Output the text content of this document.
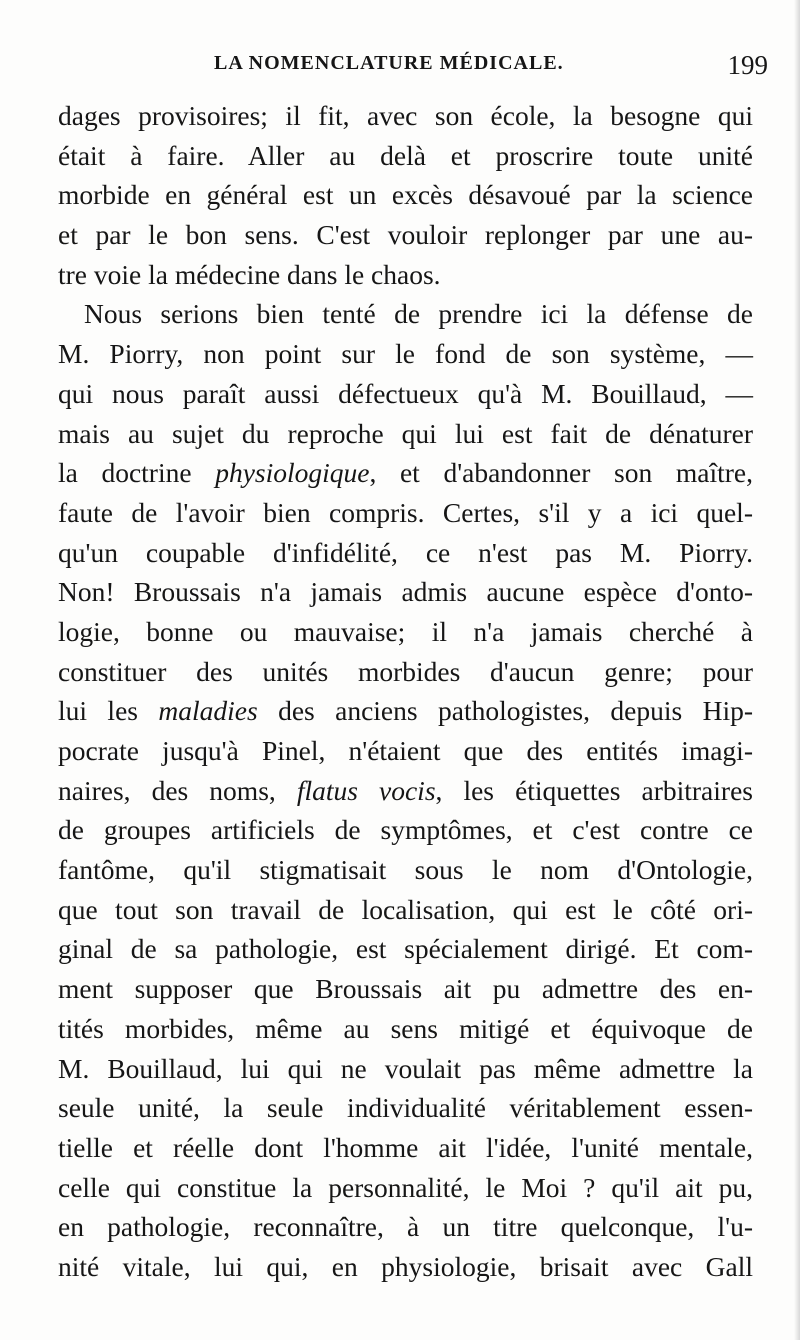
LA NOMENCLATURE MÉDICALE.	199
dages provisoires; il fit, avec son école, la besogne qui
était à faire. Aller au delà et proscrire toute unité
morbide en général est un excès désavoué par la science
et par le bon sens. C'est vouloir replonger par une au-
tre voie la médecine dans le chaos.
Nous serions bien tenté de prendre ici la défense de
M. Piorry, non point sur le fond de son système, —
qui nous paraît aussi défectueux qu'à M. Bouillaud, —
mais au sujet du reproche qui lui est fait de dénaturer
la doctrine physiologique, et d'abandonner son maître,
faute de l'avoir bien compris. Certes, s'il y a ici quel-
qu'un coupable d'infidélité, ce n'est pas M. Piorry.
Non! Broussais n'a jamais admis aucune espèce d'onto-
logie, bonne ou mauvaise; il n'a jamais cherché à
constituer des unités morbides d'aucun genre; pour
lui les maladies des anciens pathologistes, depuis Hip-
pocrate jusqu'à Pinel, n'étaient que des entités imagi-
naires, des noms, flatus vocis, les étiquettes arbitraires
de groupes artificiels de symptômes, et c'est contre ce
fantôme, qu'il stigmatisait sous le nom d'Ontologie,
que tout son travail de localisation, qui est le côté ori-
ginal de sa pathologie, est spécialement dirigé. Et com-
ment supposer que Broussais ait pu admettre des en-
tités morbides, même au sens mitigé et équivoque de
M. Bouillaud, lui qui ne voulait pas même admettre la
seule unité, la seule individualité véritablement essen-
tielle et réelle dont l'homme ait l'idée, l'unité mentale,
celle qui constitue la personnalité, le Moi ? qu'il ait pu,
en pathologie, reconnaître, à un titre quelconque, l'u-
nité vitale, lui qui, en physiologie, brisait avec Gall
